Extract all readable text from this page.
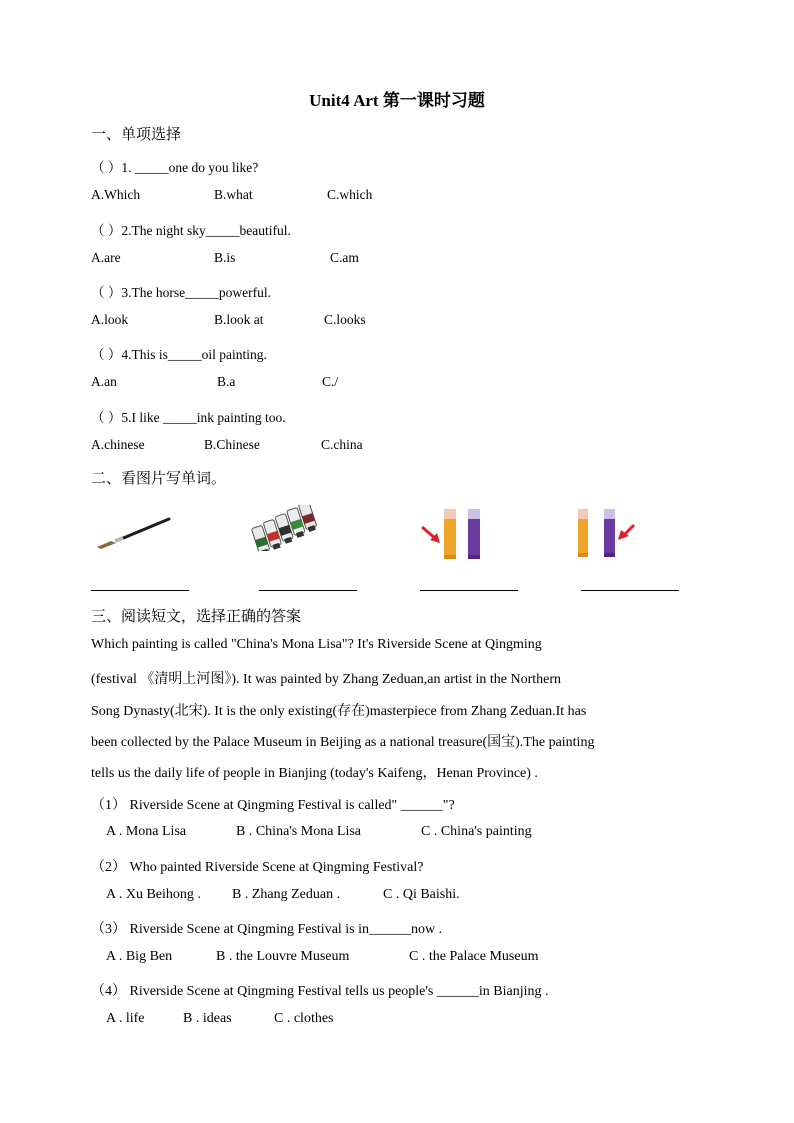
Unit4 Art 第一课时习题
一、单项选择
（ ）1. _____one do you like?
A.Which	B.what	C.which
（ ）2.The night sky_____beautiful.
A.are	B.is	C.am
（ ）3.The horse_____powerful.
A.look	B.look at	C.looks
（ ）4.This is_____oil painting.
A.an	B.a	C./
（ ）5.I like _____ink painting too.
A.chinese	B.Chinese	C.china
二、看图片写单词。
三、阅读短文，选择正确的答案
Which painting is called "China's Mona Lisa"? It's Riverside Scene at Qingming
(festival 《清明上河图》). It was painted by Zhang Zeduan,an artist in the Northern
Song Dynasty(北宋). It is the only existing(存在)masterpiece from Zhang Zeduan.It has
been collected by the Palace Museum in Beijing as a national treasure(国宝).The painting
tells us the daily life of people in Bianjing (today's Kaifeng，Henan Province) .
（1） Riverside Scene at Qingming Festival is called" ______"?
A . Mona Lisa	B . China's Mona Lisa	C . China's painting
（2） Who painted Riverside Scene at Qingming Festival?
A . Xu Beihong . B . Zhang Zeduan .	C . Qi Baishi.
（3） Riverside Scene at Qingming Festival is in______now .
A . Big Ben	B . the Louvre Museum	C . the Palace Museum
（4） Riverside Scene at Qingming Festival tells us people's ______in Bianjing .
A . life	B . ideas	C . clothes
